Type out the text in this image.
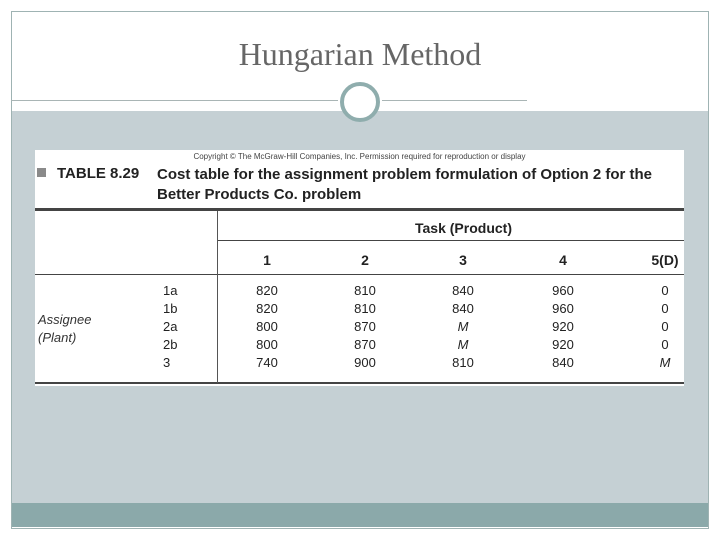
Hungarian Method
Copyright © The McGraw-Hill Companies, Inc. Permission required for reproduction or display
TABLE 8.29 Cost table for the assignment problem formulation of Option 2 for the Better Products Co. problem
Task (Product)
1	2	3	4	5(D)
Assignee
(Plant)
1a	820	810	840	960	0
1b	820	810	840	960	0
2a	800	870	M	920	0
2b	800	870	M	920	0
3	740	900	810	840	M
